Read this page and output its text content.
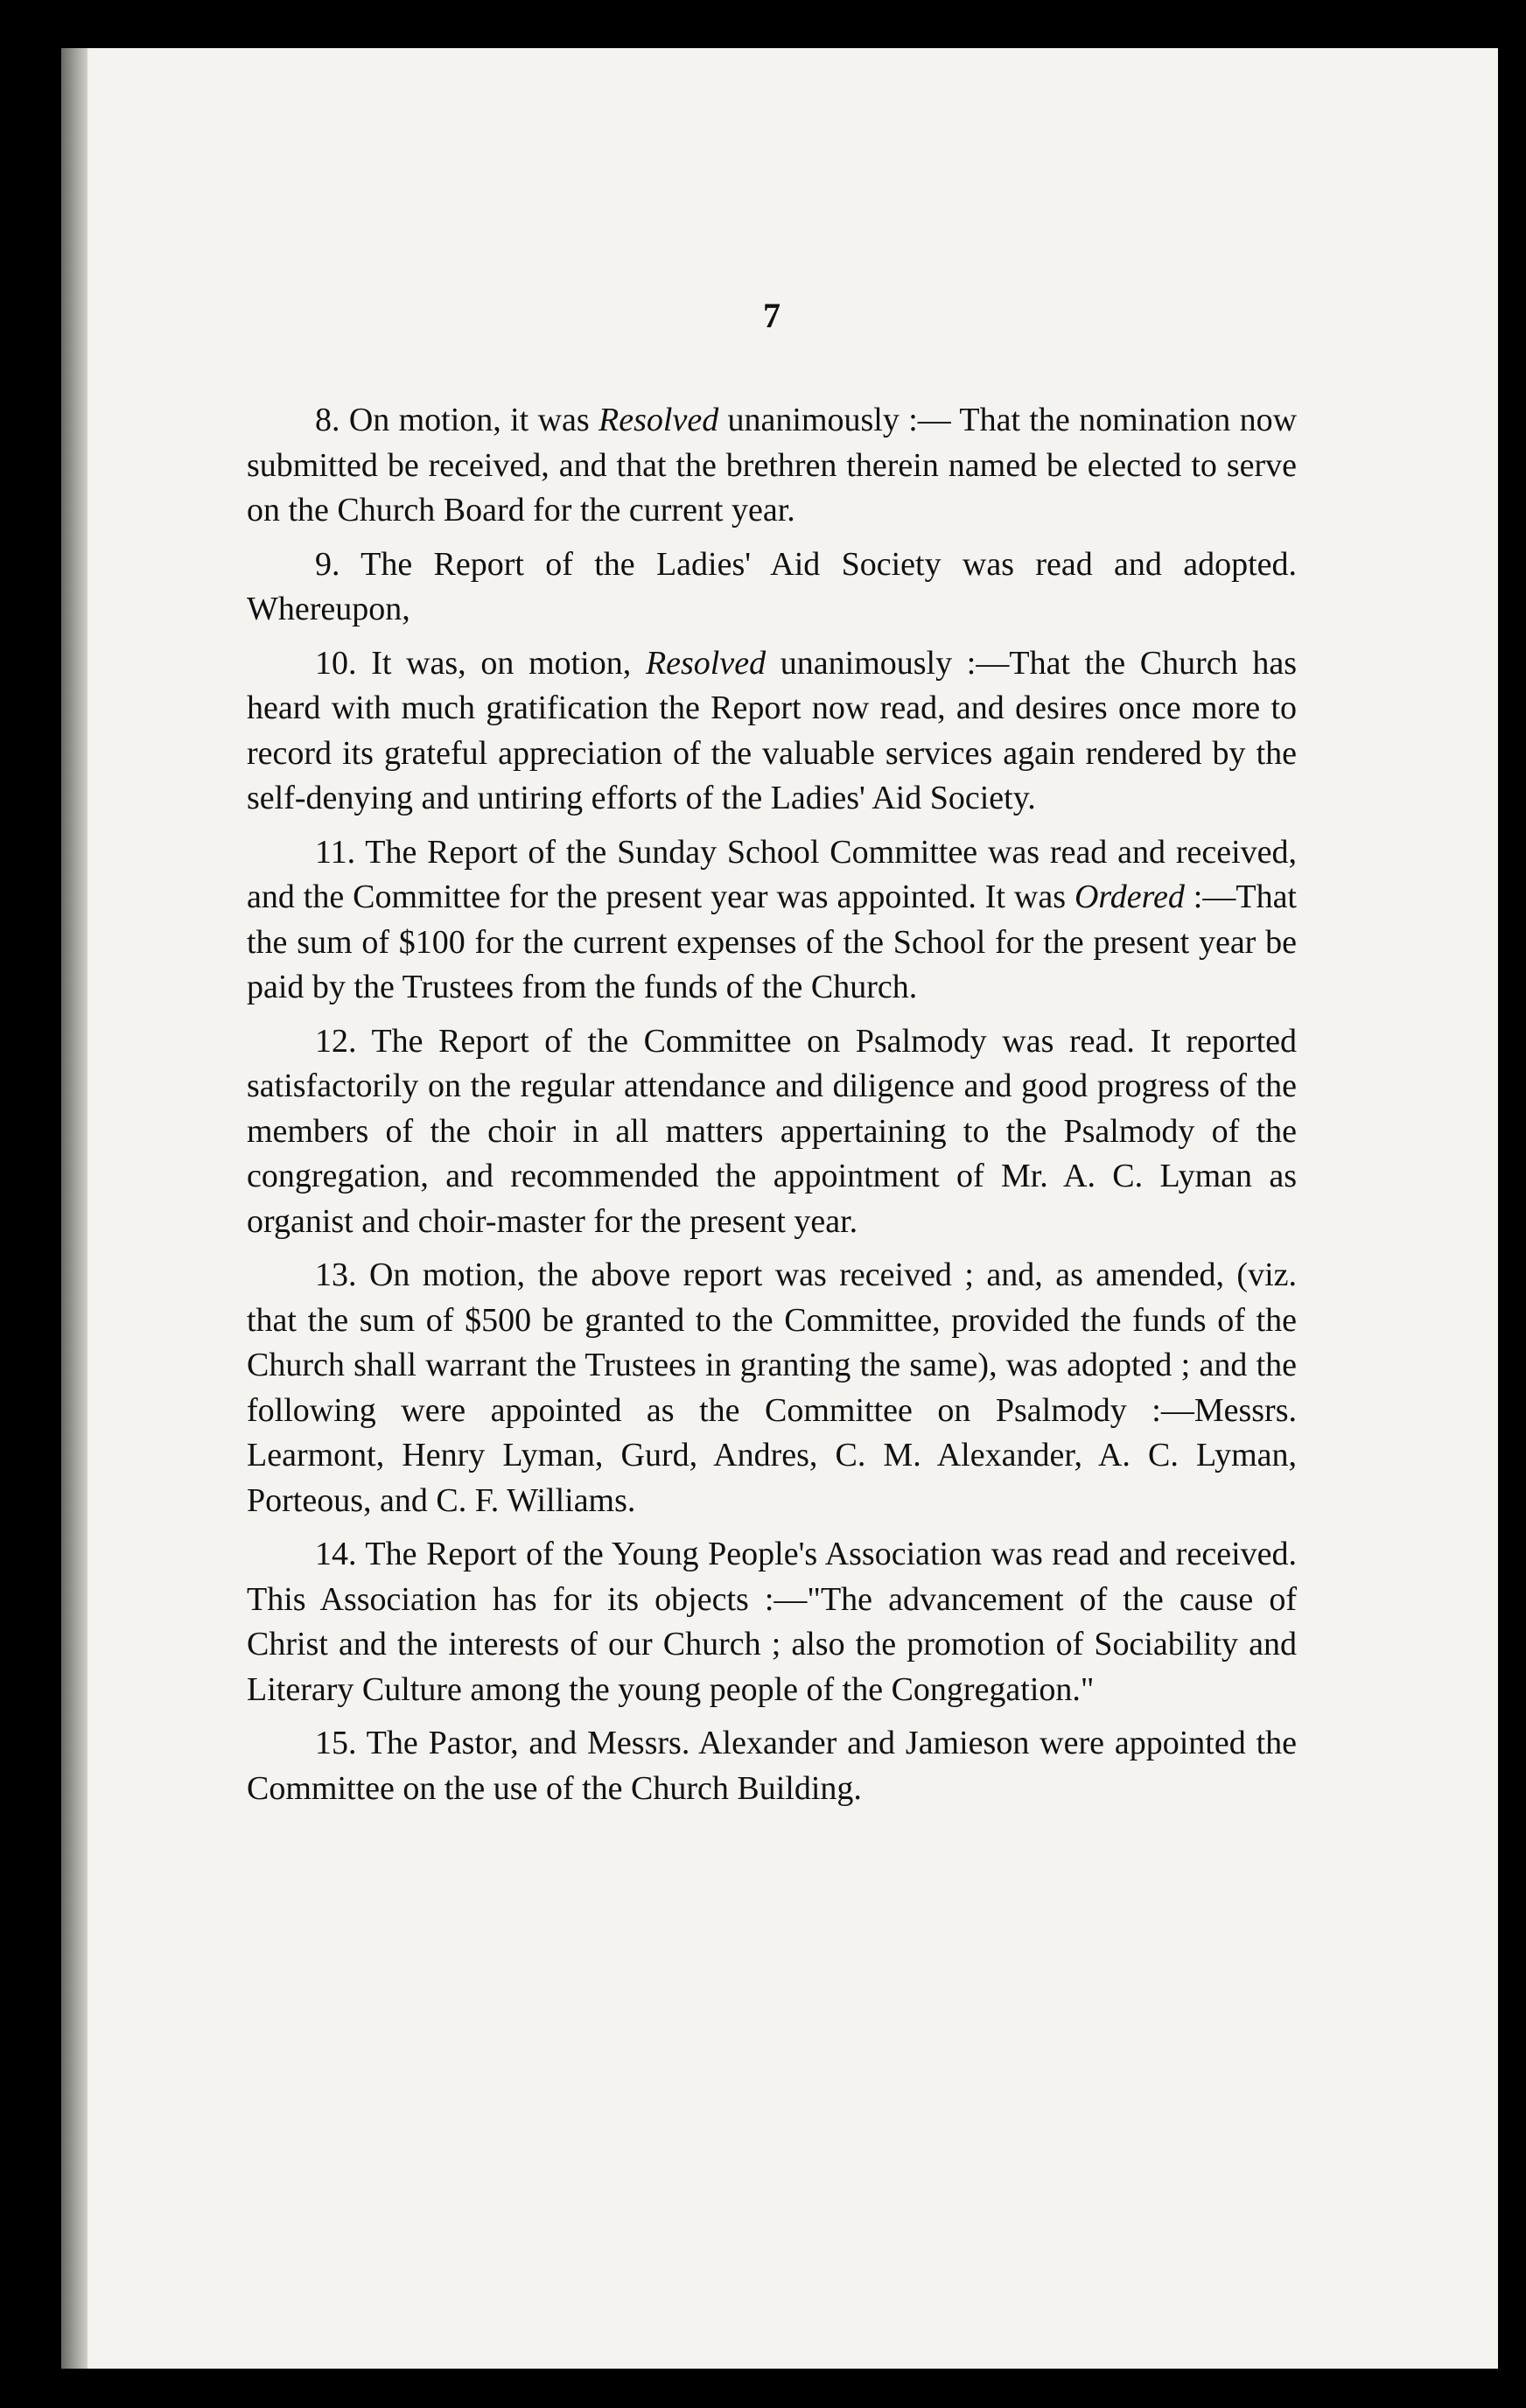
7

8. On motion, it was Resolved unanimously :— That the nomination now submitted be received, and that the brethren therein named be elected to serve on the Church Board for the current year.

9. The Report of the Ladies' Aid Society was read and adopted. Whereupon,

10. It was, on motion, Resolved unanimously :—That the Church has heard with much gratification the Report now read, and desires once more to record its grateful appreciation of the valuable services again rendered by the self-denying and untiring efforts of the Ladies' Aid Society.

11. The Report of the Sunday School Committee was read and received, and the Committee for the present year was appointed. It was Ordered :—That the sum of $100 for the current expenses of the School for the present year be paid by the Trustees from the funds of the Church.

12. The Report of the Committee on Psalmody was read. It reported satisfactorily on the regular attendance and diligence and good progress of the members of the choir in all matters appertaining to the Psalmody of the congregation, and recommended the appointment of Mr. A. C. Lyman as organist and choir-master for the present year.

13. On motion, the above report was received ; and, as amended, (viz. that the sum of $500 be granted to the Committee, provided the funds of the Church shall warrant the Trustees in granting the same), was adopted ; and the following were appointed as the Committee on Psalmody :—Messrs. Learmont, Henry Lyman, Gurd, Andres, C. M. Alexander, A. C. Lyman, Porteous, and C. F. Williams.

14. The Report of the Young People's Association was read and received. This Association has for its objects :—"The advancement of the cause of Christ and the interests of our Church ; also the promotion of Sociability and Literary Culture among the young people of the Congregation."

15. The Pastor, and Messrs. Alexander and Jamieson were appointed the Committee on the use of the Church Building.
